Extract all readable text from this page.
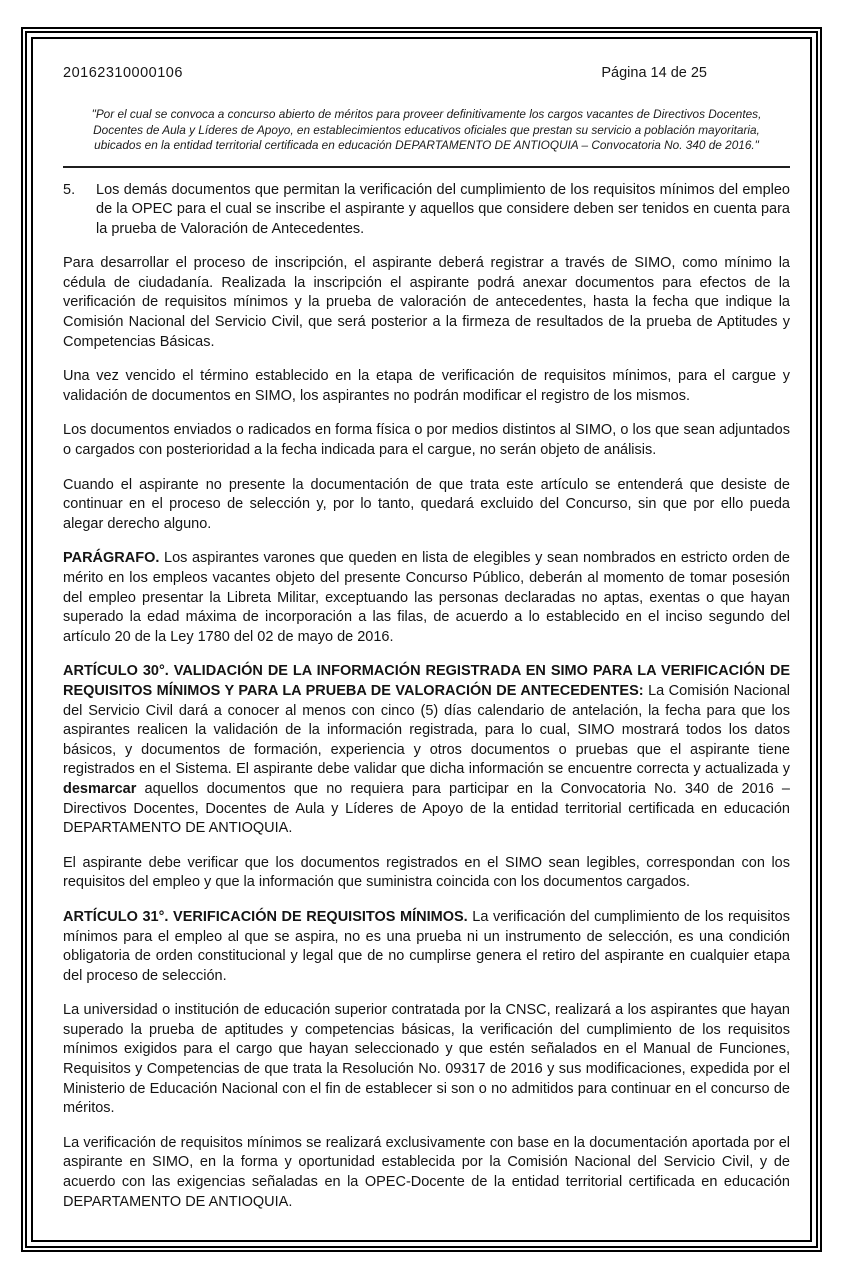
20162310000106	Página 14 de 25

"Por el cual se convoca a concurso abierto de méritos para proveer definitivamente los cargos vacantes de Directivos Docentes, Docentes de Aula y Líderes de Apoyo, en establecimientos educativos oficiales que prestan su servicio a población mayoritaria, ubicados en la entidad territorial certificada en educación DEPARTAMENTO DE ANTIOQUIA – Convocatoria No. 340 de 2016."

5.	Los demás documentos que permitan la verificación del cumplimiento de los requisitos mínimos del empleo de la OPEC para el cual se inscribe el aspirante y aquellos que considere deben ser tenidos en cuenta para la prueba de Valoración de Antecedentes.

Para desarrollar el proceso de inscripción, el aspirante deberá registrar a través de SIMO, como mínimo la cédula de ciudadanía. Realizada la inscripción el aspirante podrá anexar documentos para efectos de la verificación de requisitos mínimos y la prueba de valoración de antecedentes, hasta la fecha que indique la Comisión Nacional del Servicio Civil, que será posterior a la firmeza de resultados de la prueba de Aptitudes y Competencias Básicas.

Una vez vencido el término establecido en la etapa de verificación de requisitos mínimos, para el cargue y validación de documentos en SIMO, los aspirantes no podrán modificar el registro de los mismos.

Los documentos enviados o radicados en forma física o por medios distintos al SIMO, o los que sean adjuntados o cargados con posterioridad a la fecha indicada para el cargue, no serán objeto de análisis.

Cuando el aspirante no presente la documentación de que trata este artículo se entenderá que desiste de continuar en el proceso de selección y, por lo tanto, quedará excluido del Concurso, sin que por ello pueda alegar derecho alguno.

PARÁGRAFO. Los aspirantes varones que queden en lista de elegibles y sean nombrados en estricto orden de mérito en los empleos vacantes objeto del presente Concurso Público, deberán al momento de tomar posesión del empleo presentar la Libreta Militar, exceptuando las personas declaradas no aptas, exentas o que hayan superado la edad máxima de incorporación a las filas, de acuerdo a lo establecido en el inciso segundo del artículo 20 de la Ley 1780 del 02 de mayo de 2016.

ARTÍCULO 30°. VALIDACIÓN DE LA INFORMACIÓN REGISTRADA EN SIMO PARA LA VERIFICACIÓN DE REQUISITOS MÍNIMOS Y PARA LA PRUEBA DE VALORACIÓN DE ANTECEDENTES: La Comisión Nacional del Servicio Civil dará a conocer al menos con cinco (5) días calendario de antelación, la fecha para que los aspirantes realicen la validación de la información registrada, para lo cual, SIMO mostrará todos los datos básicos, y documentos de formación, experiencia y otros documentos o pruebas que el aspirante tiene registrados en el Sistema. El aspirante debe validar que dicha información se encuentre correcta y actualizada y desmarcar aquellos documentos que no requiera para participar en la Convocatoria No. 340 de 2016 – Directivos Docentes, Docentes de Aula y Líderes de Apoyo de la entidad territorial certificada en educación DEPARTAMENTO DE ANTIOQUIA.

El aspirante debe verificar que los documentos registrados en el SIMO sean legibles, correspondan con los requisitos del empleo y que la información que suministra coincida con los documentos cargados.

ARTÍCULO 31°. VERIFICACIÓN DE REQUISITOS MÍNIMOS. La verificación del cumplimiento de los requisitos mínimos para el empleo al que se aspira, no es una prueba ni un instrumento de selección, es una condición obligatoria de orden constitucional y legal que de no cumplirse genera el retiro del aspirante en cualquier etapa del proceso de selección.

La universidad o institución de educación superior contratada por la CNSC, realizará a los aspirantes que hayan superado la prueba de aptitudes y competencias básicas, la verificación del cumplimiento de los requisitos mínimos exigidos para el cargo que hayan seleccionado y que estén señalados en el Manual de Funciones, Requisitos y Competencias de que trata la Resolución No. 09317 de 2016 y sus modificaciones, expedida por el Ministerio de Educación Nacional con el fin de establecer si son o no admitidos para continuar en el concurso de méritos.

La verificación de requisitos mínimos se realizará exclusivamente con base en la documentación aportada por el aspirante en SIMO, en la forma y oportunidad establecida por la Comisión Nacional del Servicio Civil, y de acuerdo con las exigencias señaladas en la OPEC-Docente de la entidad territorial certificada en educación DEPARTAMENTO DE ANTIOQUIA.
